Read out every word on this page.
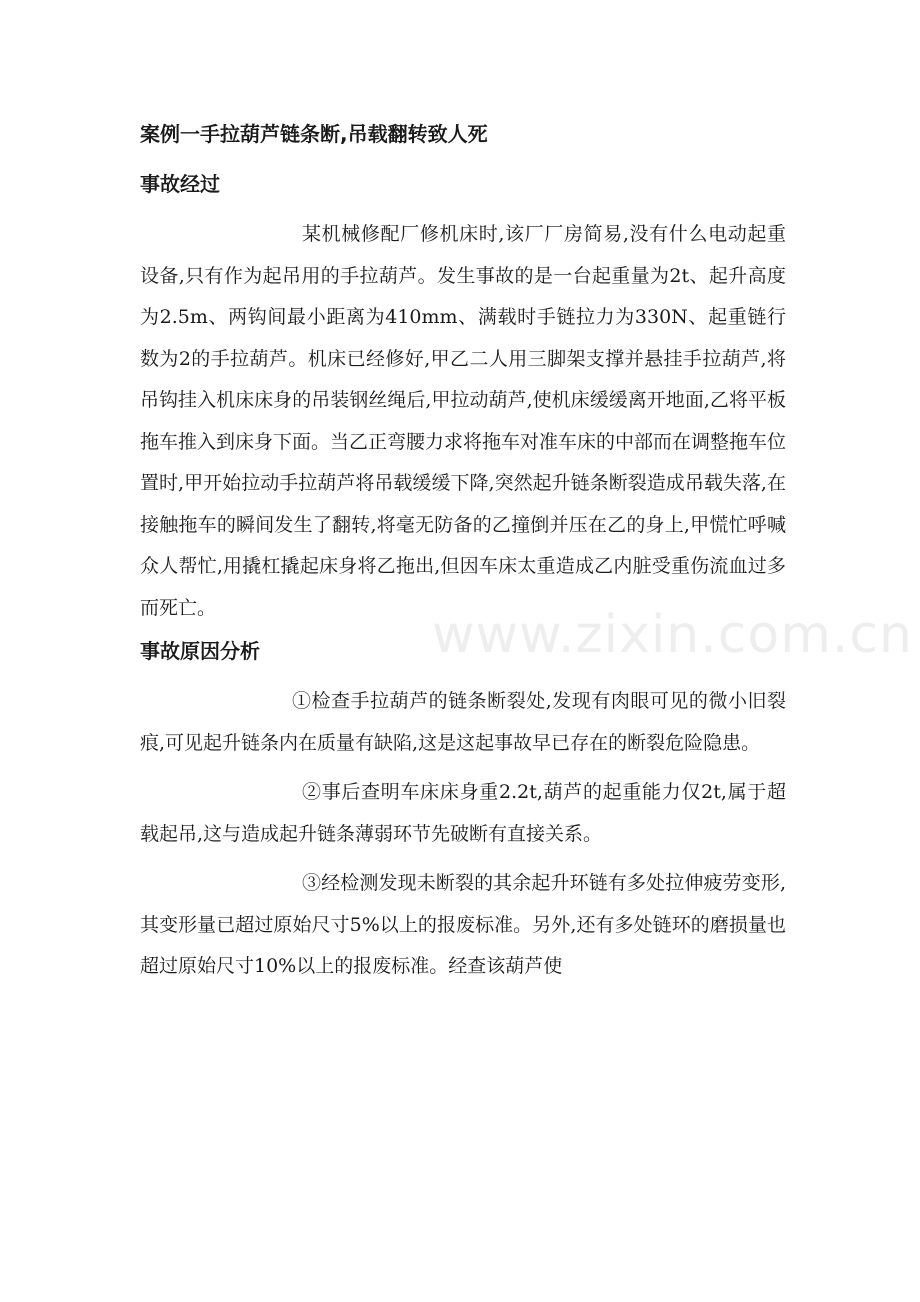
案例一手拉葫芦链条断,吊载翻转致人死
事故经过

某机械修配厂修机床时,该厂厂房简易,没有什么电动起重设备,只有作为起吊用的手拉葫芦。发生事故的是一台起重量为2t、起升高度为2.5m、两钩间最小距离为410mm、满载时手链拉力为330N、起重链行数为2的手拉葫芦。机床已经修好,甲乙二人用三脚架支撑并悬挂手拉葫芦,将吊钩挂入机床床身的吊装钢丝绳后,甲拉动葫芦,使机床缓缓离开地面,乙将平板拖车推入到床身下面。当乙正弯腰力求将拖车对准车床的中部而在调整拖车位置时,甲开始拉动手拉葫芦将吊载缓缓下降,突然起升链条断裂造成吊载失落,在接触拖车的瞬间发生了翻转,将毫无防备的乙撞倒并压在乙的身上,甲慌忙呼喊众人帮忙,用撬杠撬起床身将乙拖出,但因车床太重造成乙内脏受重伤流血过多而死亡。

事故原因分析

①检查手拉葫芦的链条断裂处,发现有肉眼可见的微小旧裂痕,可见起升链条内在质量有缺陷,这是这起事故早已存在的断裂危险隐患。

②事后查明车床床身重2.2t,葫芦的起重能力仅2t,属于超载起吊,这与造成起升链条薄弱环节先破断有直接关系。

③经检测发现未断裂的其余起升环链有多处拉伸疲劳变形,其变形量已超过原始尺寸5%以上的报废标准。另外,还有多处链环的磨损量也超过原始尺寸10%以上的报废标准。经查该葫芦使

www.zixin.com.cn
